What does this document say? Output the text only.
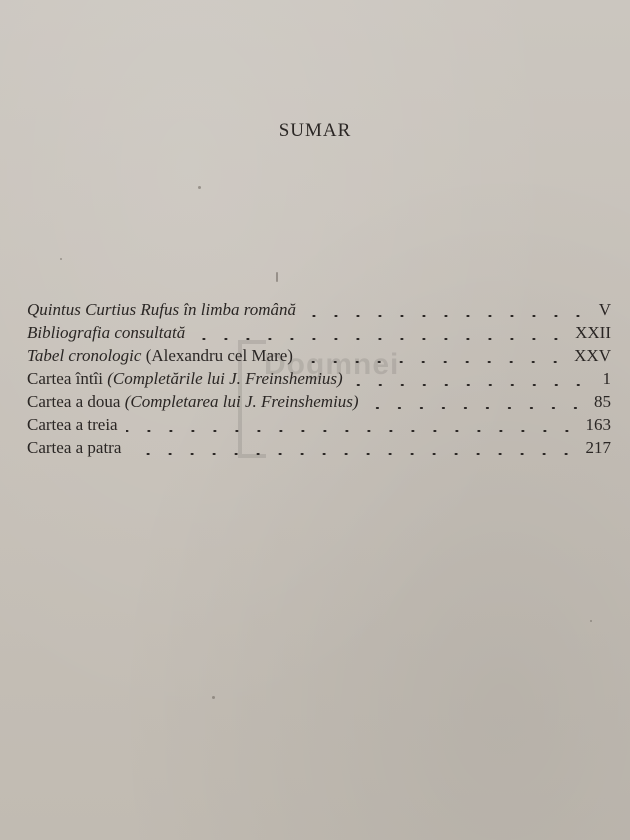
Dogmnei
SUMAR
Quintus Curtius Rufus în limba română	V
Bibliografia consultată	XXII
Tabel cronologic (Alexandru cel Mare)	XXV
Cartea întîi (Completările lui J. Freinshemius)	1
Cartea a doua (Completarea lui J. Freinshemius)	85
Cartea a treia	163
Cartea a patra	217
